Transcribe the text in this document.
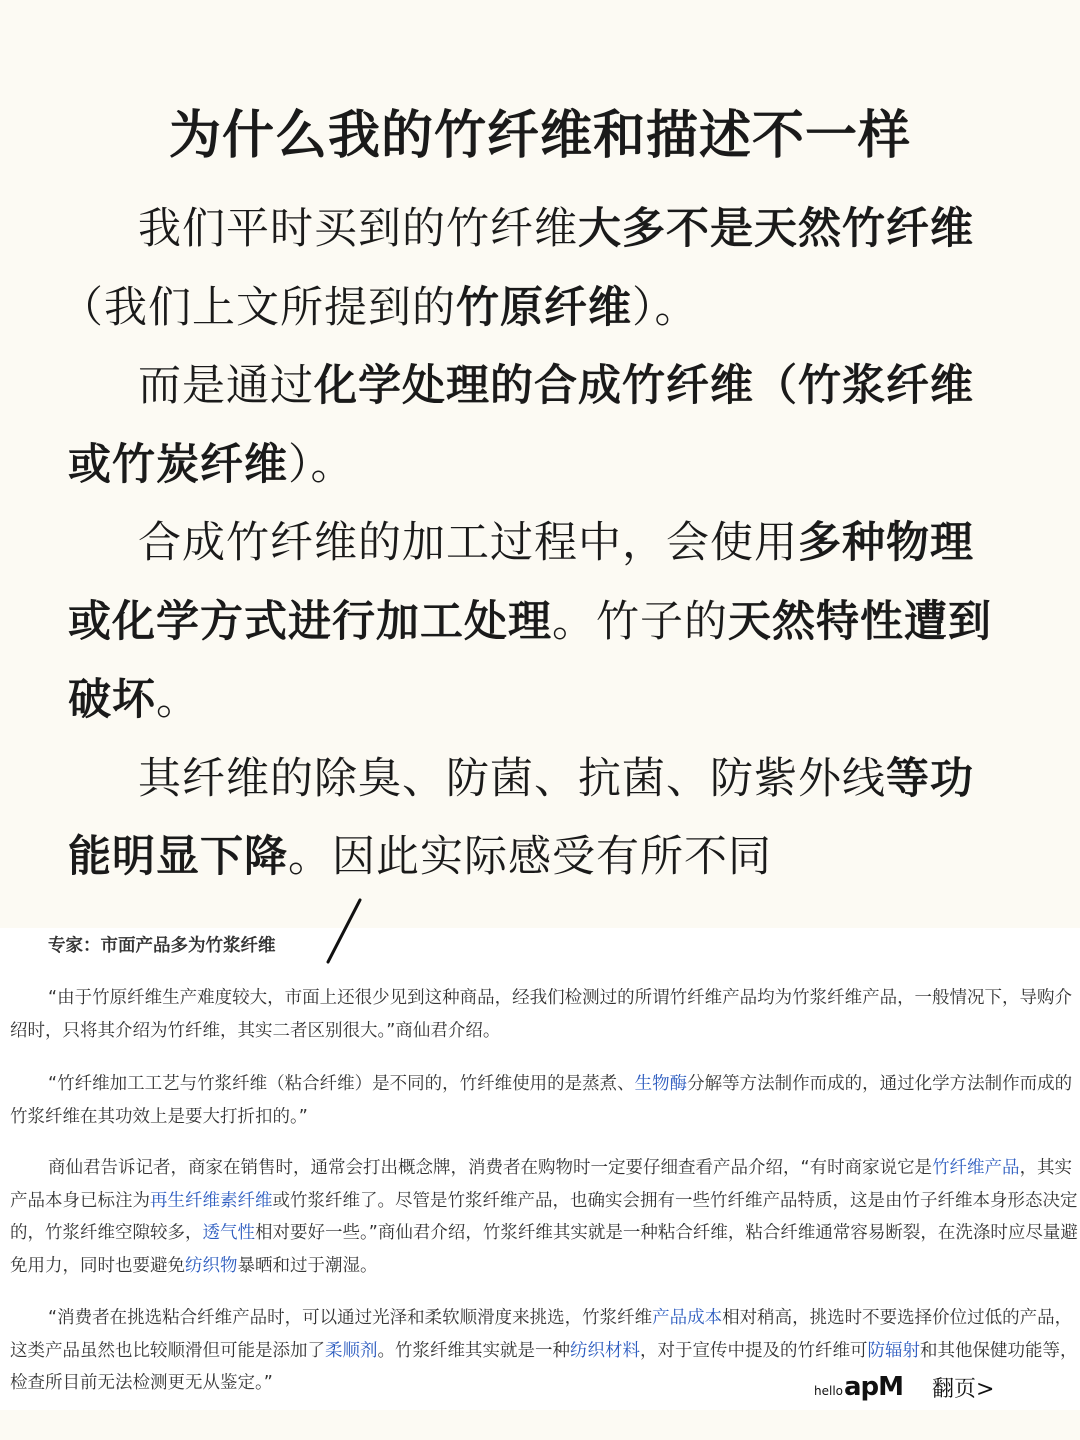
为什么我的竹纤维和描述不一样

我们平时买到的竹纤维大多不是天然竹纤维（我们上文所提到的竹原纤维）。

而是通过化学处理的合成竹纤维（竹浆纤维或竹炭纤维）。

合成竹纤维的加工过程中，会使用多种物理或化学方式进行加工处理。竹子的天然特性遭到破坏。

其纤维的除臭、防菌、抗菌、防紫外线等功能明显下降。因此实际感受有所不同

专家：市面产品多为竹浆纤维

“由于竹原纤维生产难度较大，市面上还很少见到这种商品，经我们检测过的所谓竹纤维产品均为竹浆纤维产品，一般情况下，导购介绍时，只将其介绍为竹纤维，其实二者区别很大。”商仙君介绍。

“竹纤维加工工艺与竹浆纤维（粘合纤维）是不同的，竹纤维使用的是蒸煮、生物酶分解等方法制作而成的，通过化学方法制作而成的竹浆纤维在其功效上是要大打折扣的。”

商仙君告诉记者，商家在销售时，通常会打出概念牌，消费者在购物时一定要仔细查看产品介绍，“有时商家说它是竹纤维产品，其实产品本身已标注为再生纤维素纤维或竹浆纤维了。尽管是竹浆纤维产品，也确实会拥有一些竹纤维产品特质，这是由竹子纤维本身形态决定的，竹浆纤维空隙较多，透气性相对要好一些。”商仙君介绍，竹浆纤维其实就是一种粘合纤维，粘合纤维通常容易断裂，在洗涤时应尽量避免用力，同时也要避免纺织物暴晒和过于潮湿。

“消费者在挑选粘合纤维产品时，可以通过光泽和柔软顺滑度来挑选，竹浆纤维产品成本相对稍高，挑选时不要选择价位过低的产品，这类产品虽然也比较顺滑但可能是添加了柔顺剂。竹浆纤维其实就是一种纺织材料，对于宣传中提及的竹纤维可防辐射和其他保健功能等，检查所目前无法检测更无从鉴定。”	hello apM 翻页>
